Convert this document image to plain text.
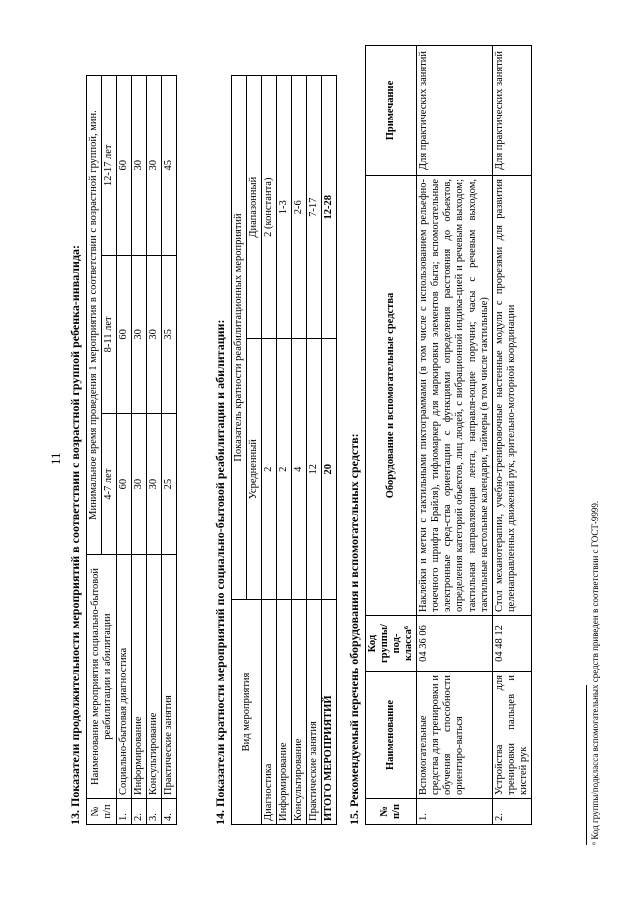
11 13. Показатели продолжительности мероприятий в соответствии с возрастной группой ребенка-инвалида: № п/п	Наименование мероприятия социально-бытовой реабилитации и абилитации	Минимальное время проведения 1 мероприятия в соответствии с возрастной группой, мин.		
		4-7 лет	8-11 лет	12-17 лет
1.	Социально-бытовая диагностика	60	60	60
2.	Информирование	30	30	30
3.	Консультирование	30	30	30
4.	Практические занятия	25	35	45
14. Показатели кратности мероприятий по социально-бытовой реабилитации и абилитации: Вид мероприятия	Показатель кратности реабилитационных мероприятий	
	Усредненный	Диапазонный
Диагностика	2	2 (константа)
Информирование	2	1-3
Консультирование	4	2-6
Практические занятия	12	7-17
ИТОГО МЕРОПРИЯТИЙ	20	12-28
15. Рекомендуемый перечень оборудования и вспомогательных средств: № п/п	Наименование	Код группы/под-класса⁶	Оборудование и вспомогательные средства	Примечание
1.	Вспомогательные средства для тренировки и обучения способности ориентиро-ваться	04 36 06	Наклейки и метки с тактильными пиктограммами (в том числе с использованием рельефно-точечного шрифта Брайля), тифломаркер для маркировки элементов быта; вспомогательные электронные сред-ства ориентации с функциями определения расстояния до объектов, определения категорий объектов, лиц людей, с вибрационной индика-цией и речевым выходом; тактильная направляющая лента, направля-ющие поручни; часы с речевым выходом, тактильные настольные календари, таймеры (в том числе тактильные)	Для практических занятий
2.	Устройства для тренировки пальцев и кистей рук	04 48 12	Стол механотерапии, учебно-тренировочные настенные модули с прорезями для развития целенаправленных движений рук, зрительно-моторной координации	Для практических занятий
⁶ Код группы/подкласса вспомогательных средств приведен в соответствии с ГОСТ-9999.
